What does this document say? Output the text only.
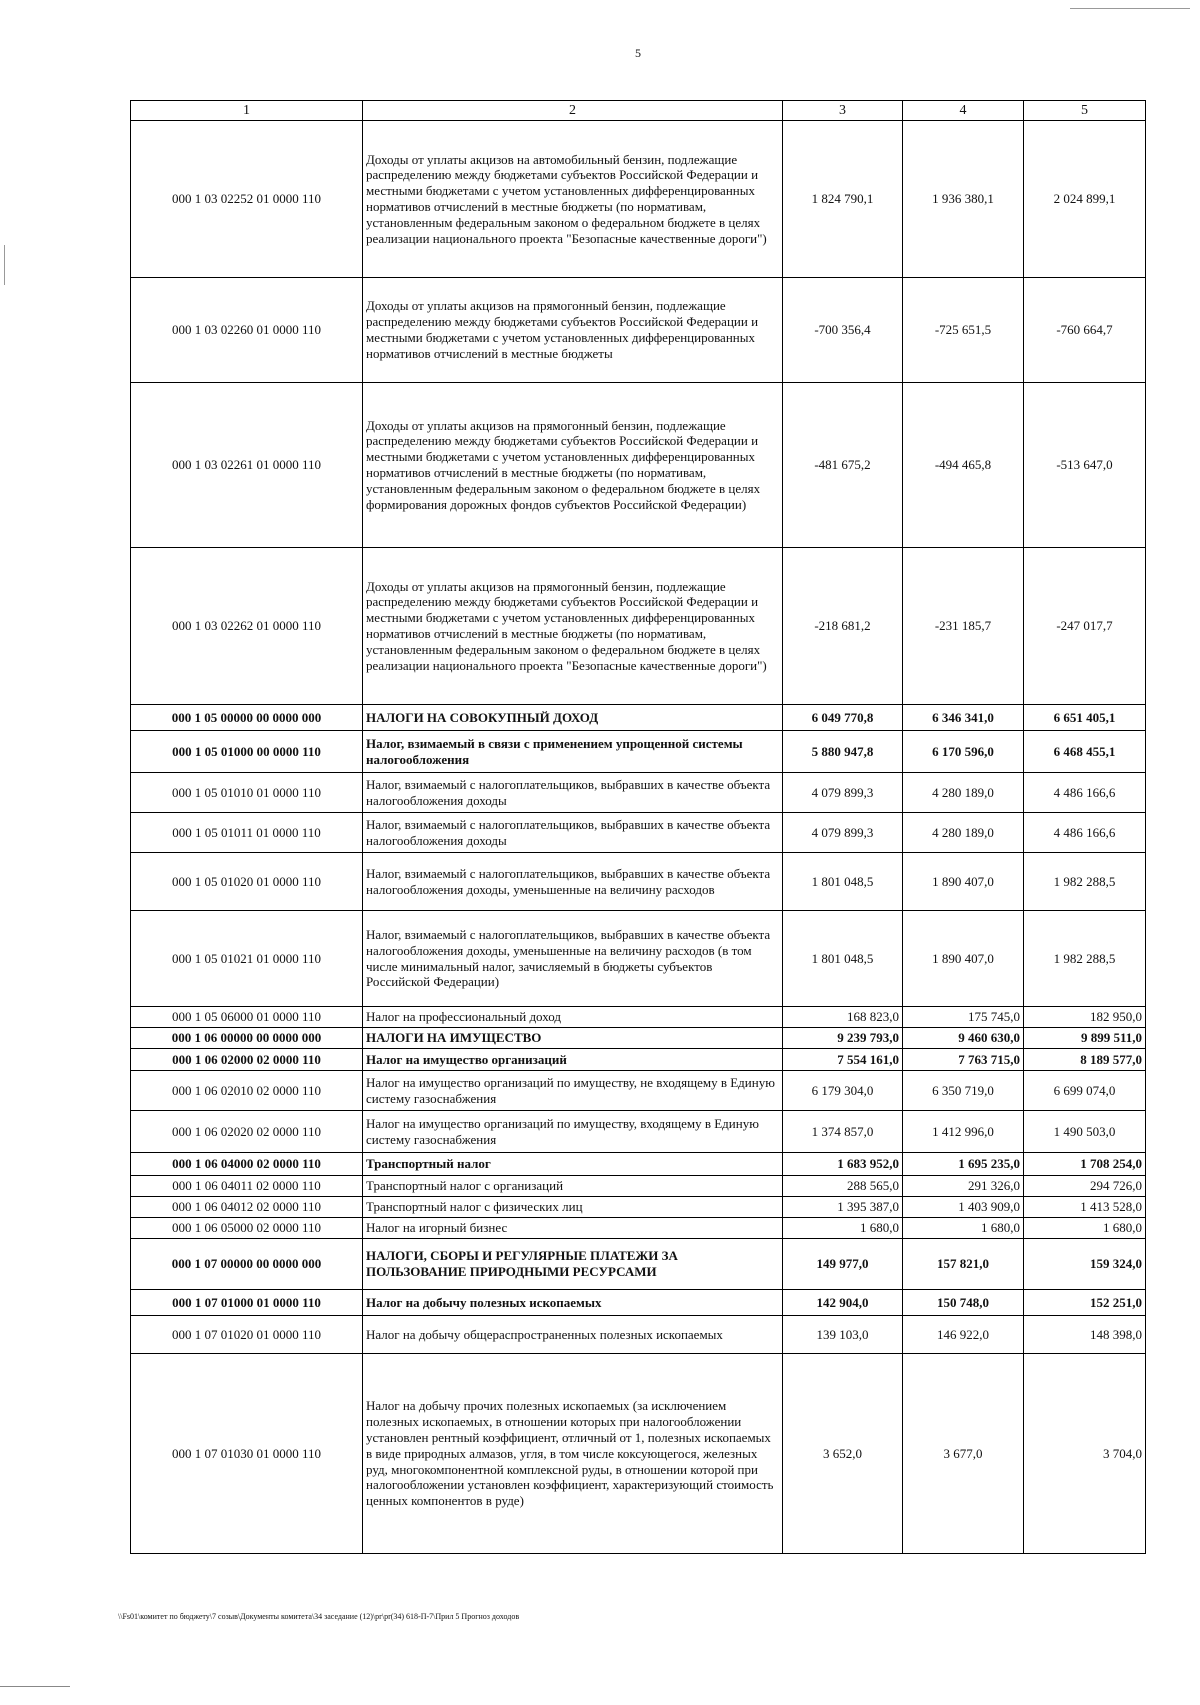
5
1	2	3	4	5
000 1 03 02252 01 0000 110	Доходы от уплаты акцизов на автомобильный бензин, подлежащие распределению между бюджетами субъектов Российской Федерации и местными бюджетами с учетом установленных дифференцированных нормативов отчислений в местные бюджеты (по нормативам, установленным федеральным законом о федеральном бюджете в целях реализации национального проекта "Безопасные качественные дороги")	1 824 790,1	1 936 380,1	2 024 899,1
000 1 03 02260 01 0000 110	Доходы от уплаты акцизов на прямогонный бензин, подлежащие распределению между бюджетами субъектов Российской Федерации и местными бюджетами с учетом установленных дифференцированных нормативов отчислений в местные бюджеты	-700 356,4	-725 651,5	-760 664,7
000 1 03 02261 01 0000 110	Доходы от уплаты акцизов на прямогонный бензин, подлежащие распределению между бюджетами субъектов Российской Федерации и местными бюджетами с учетом установленных дифференцированных нормативов отчислений в местные бюджеты (по нормативам, установленным федеральным законом о федеральном бюджете в целях формирования дорожных фондов субъектов Российской Федерации)	-481 675,2	-494 465,8	-513 647,0
000 1 03 02262 01 0000 110	Доходы от уплаты акцизов на прямогонный бензин, подлежащие распределению между бюджетами субъектов Российской Федерации и местными бюджетами с учетом установленных дифференцированных нормативов отчислений в местные бюджеты (по нормативам, установленным федеральным законом о федеральном бюджете в целях реализации национального проекта "Безопасные качественные дороги")	-218 681,2	-231 185,7	-247 017,7
000 1 05 00000 00 0000 000	НАЛОГИ НА СОВОКУПНЫЙ ДОХОД	6 049 770,8	6 346 341,0	6 651 405,1
000 1 05 01000 00 0000 110	Налог, взимаемый в связи с применением упрощенной системы налогообложения	5 880 947,8	6 170 596,0	6 468 455,1
000 1 05 01010 01 0000 110	Налог, взимаемый с налогоплательщиков, выбравших в качестве объекта налогообложения доходы	4 079 899,3	4 280 189,0	4 486 166,6
000 1 05 01011 01 0000 110	Налог, взимаемый с налогоплательщиков, выбравших в качестве объекта налогообложения доходы	4 079 899,3	4 280 189,0	4 486 166,6
000 1 05 01020 01 0000 110	Налог, взимаемый с налогоплательщиков, выбравших в качестве объекта налогообложения доходы, уменьшенные на величину расходов	1 801 048,5	1 890 407,0	1 982 288,5
000 1 05 01021 01 0000 110	Налог, взимаемый с налогоплательщиков, выбравших в качестве объекта налогообложения доходы, уменьшенные на величину расходов (в том числе минимальный налог, зачисляемый в бюджеты субъектов Российской Федерации)	1 801 048,5	1 890 407,0	1 982 288,5
000 1 05 06000 01 0000 110	Налог на профессиональный доход	168 823,0	175 745,0	182 950,0
000 1 06 00000 00 0000 000	НАЛОГИ НА ИМУЩЕСТВО	9 239 793,0	9 460 630,0	9 899 511,0
000 1 06 02000 02 0000 110	Налог на имущество организаций	7 554 161,0	7 763 715,0	8 189 577,0
000 1 06 02010 02 0000 110	Налог на имущество организаций по имуществу, не входящему в Единую систему газоснабжения	6 179 304,0	6 350 719,0	6 699 074,0
000 1 06 02020 02 0000 110	Налог на имущество организаций по имуществу, входящему в Единую систему газоснабжения	1 374 857,0	1 412 996,0	1 490 503,0
000 1 06 04000 02 0000 110	Транспортный налог	1 683 952,0	1 695 235,0	1 708 254,0
000 1 06 04011 02 0000 110	Транспортный налог с организаций	288 565,0	291 326,0	294 726,0
000 1 06 04012 02 0000 110	Транспортный налог с физических лиц	1 395 387,0	1 403 909,0	1 413 528,0
000 1 06 05000 02 0000 110	Налог на игорный бизнес	1 680,0	1 680,0	1 680,0
000 1 07 00000 00 0000 000	НАЛОГИ, СБОРЫ И РЕГУЛЯРНЫЕ ПЛАТЕЖИ ЗА ПОЛЬЗОВАНИЕ ПРИРОДНЫМИ РЕСУРСАМИ	149 977,0	157 821,0	159 324,0
000 1 07 01000 01 0000 110	Налог на добычу полезных ископаемых	142 904,0	150 748,0	152 251,0
000 1 07 01020 01 0000 110	Налог на добычу общераспространенных полезных ископаемых	139 103,0	146 922,0	148 398,0
000 1 07 01030 01 0000 110	Налог на добычу прочих полезных ископаемых (за исключением полезных ископаемых, в отношении которых при налогообложении установлен рентный коэффициент, отличный от 1, полезных ископаемых в виде природных алмазов, угля, в том числе коксующегося, железных руд, многокомпонентной комплексной руды, в отношении которой при налогообложении установлен коэффициент, характеризующий стоимость ценных компонентов в руде)	3 652,0	3 677,0	3 704,0
\\Fs01\комитет по бюджету\7 созыв\Документы комитета\34 заседание (12)\pr\pr(34) 618-П-7\Прил 5 Прогноз доходов
